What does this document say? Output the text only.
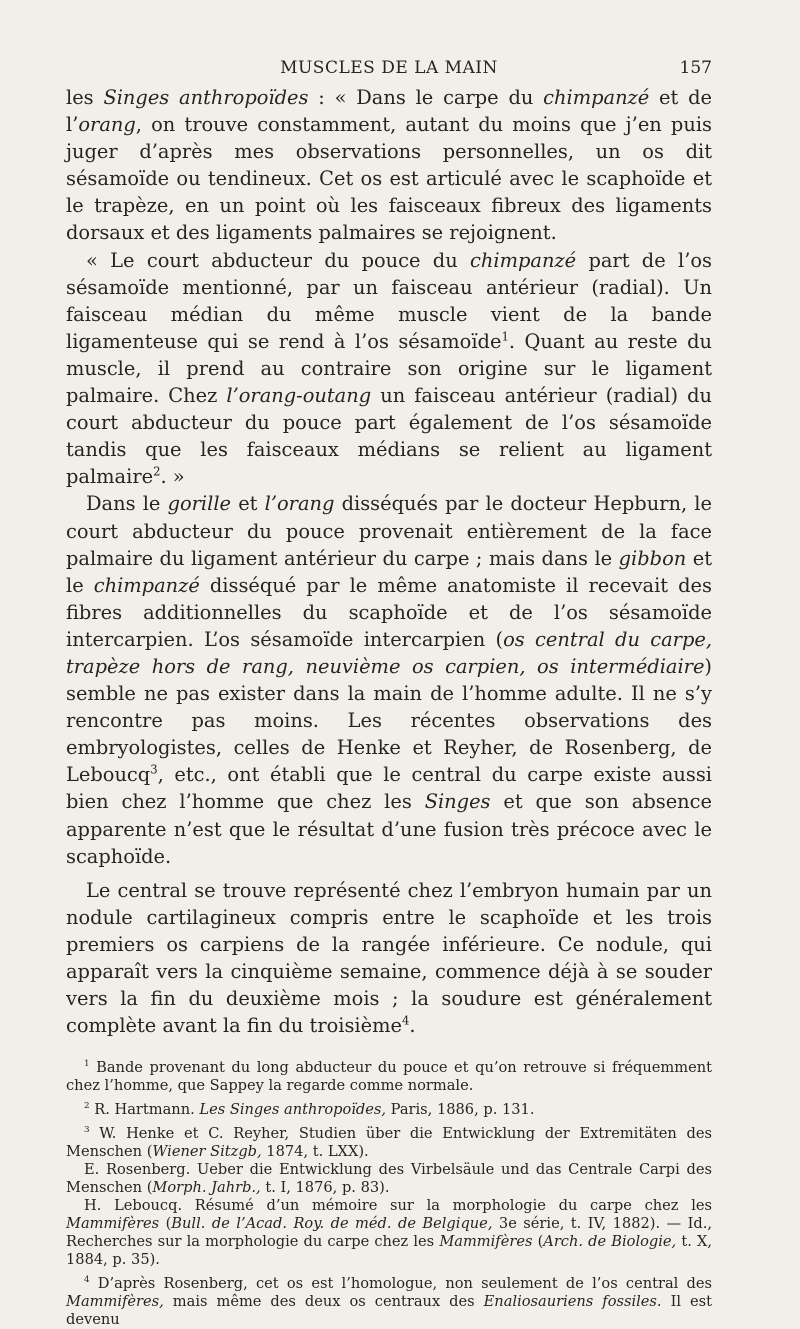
MUSCLES DE LA MAIN	157

les Singes anthropoïdes : « Dans le carpe du chimpanzé et de l’orang, on trouve constamment, autant du moins que j’en puis juger d’après mes observations personnelles, un os dit sésamoïde ou tendineux. Cet os est articulé avec le scaphoïde et le trapèze, en un point où les faisceaux fibreux des ligaments dorsaux et des ligaments palmaires se rejoignent.

« Le court abducteur du pouce du chimpanzé part de l’os sésamoïde mentionné, par un faisceau antérieur (radial). Un faisceau médian du même muscle vient de la bande ligamenteuse qui se rend à l’os sésamoïde$^1$. Quant au reste du muscle, il prend au contraire son origine sur le ligament palmaire. Chez l’orang-outang un faisceau antérieur (radial) du court abducteur du pouce part également de l’os sésamoïde tandis que les faisceaux médians se relient au ligament palmaire$^2$. »

Dans le gorille et l’orang disséqués par le docteur Hepburn, le court abducteur du pouce provenait entièrement de la face palmaire du ligament antérieur du carpe ; mais dans le gibbon et le chimpanzé disséqué par le même anatomiste il recevait des fibres additionnelles du scaphoïde et de l’os sésamoïde intercarpien. L’os sésamoïde intercarpien (os central du carpe, trapèze hors de rang, neuvième os carpien, os intermédiaire) semble ne pas exister dans la main de l’homme adulte. Il ne s’y rencontre pas moins. Les récentes observations des embryologistes, celles de Henke et Reyher, de Rosenberg, de Leboucq$^3$, etc., ont établi que le central du carpe existe aussi bien chez l’homme que chez les Singes et que son absence apparente n’est que le résultat d’une fusion très précoce avec le scaphoïde.

Le central se trouve représenté chez l’embryon humain par un nodule cartilagineux compris entre le scaphoïde et les trois premiers os carpiens de la rangée inférieure. Ce nodule, qui apparaît vers la cinquième semaine, commence déjà à se souder vers la fin du deuxième mois ; la soudure est généralement complète avant la fin du troisième$^4$.

$^1$ Bande provenant du long abducteur du pouce et qu’on retrouve si fréquemment chez l’homme, que Sappey la regarde comme normale.

$^2$ R. Hartmann. Les Singes anthropoïdes, Paris, 1886, p. 131.

$^3$ W. Henke et C. Reyher, Studien über die Entwicklung der Extremitäten des Menschen (Wiener Sitzgb, 1874, t. LXX).

E. Rosenberg. Ueber die Entwicklung des Virbelsäule und das Centrale Carpi des Menschen (Morph. Jahrb., t. I, 1876, p. 83).

H. Leboucq. Résumé d’un mémoire sur la morphologie du carpe chez les Mammifères (Bull. de l’Acad. Roy. de méd. de Belgique, 3e série, t. IV, 1882). — Id., Recherches sur la morphologie du carpe chez les Mammifères (Arch. de Biologie, t. X, 1884, p. 35).

$^4$ D’après Rosenberg, cet os est l’homologue, non seulement de l’os central des Mammifères, mais même des deux os centraux des Enaliosauriens fossiles. Il est devenu
